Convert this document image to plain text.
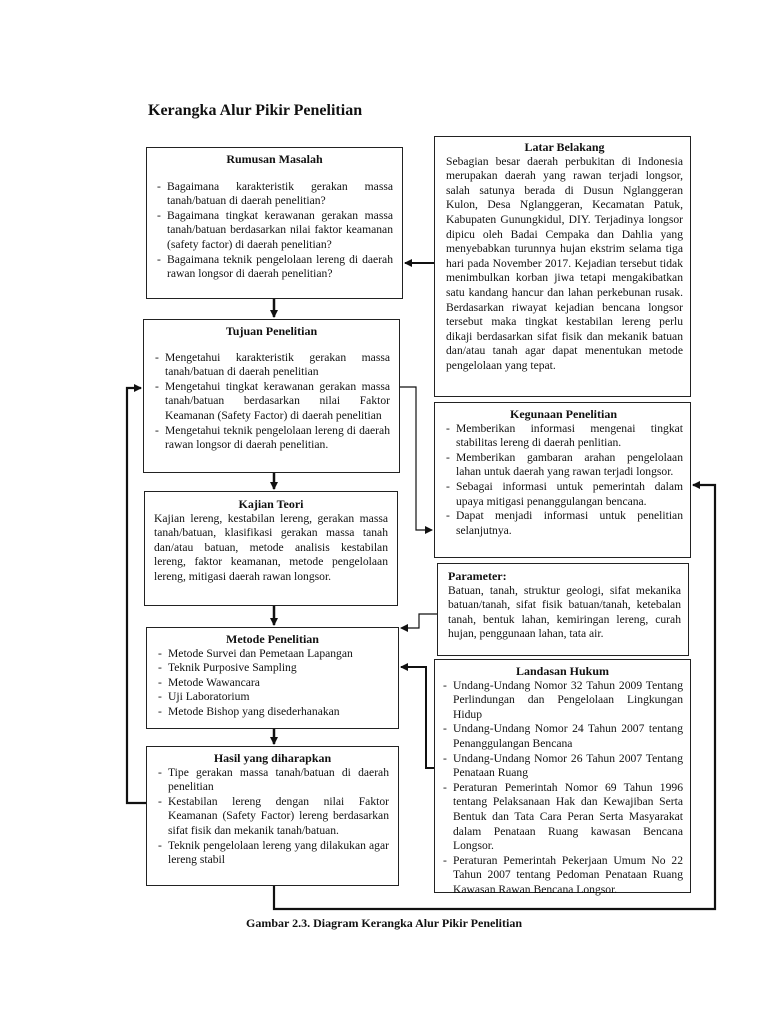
Kerangka Alur Pikir Penelitian
Rumusan Masalah
- Bagaimana karakteristik gerakan massa tanah/batuan di daerah penelitian?
- Bagaimana tingkat kerawanan gerakan massa tanah/batuan berdasarkan nilai faktor keamanan (safety factor) di daerah penelitian?
- Bagaimana teknik pengelolaan lereng di daerah rawan longsor di daerah penelitian?
Latar Belakang
Sebagian besar daerah perbukitan di Indonesia merupakan daerah yang rawan terjadi longsor, salah satunya berada di Dusun Nglanggeran Kulon, Desa Nglanggeran, Kecamatan Patuk, Kabupaten Gunungkidul, DIY. Terjadinya longsor dipicu oleh Badai Cempaka dan Dahlia yang menyebabkan turunnya hujan ekstrim selama tiga hari pada November 2017. Kejadian tersebut tidak menimbulkan korban jiwa tetapi mengakibatkan satu kandang hancur dan lahan perkebunan rusak. Berdasarkan riwayat kejadian bencana longsor tersebut maka tingkat kestabilan lereng perlu dikaji berdasarkan sifat fisik dan mekanik batuan dan/atau tanah agar dapat menentukan metode pengelolaan yang tepat.
Tujuan Penelitian
- Mengetahui karakteristik gerakan massa tanah/batuan di daerah penelitian
- Mengetahui tingkat kerawanan gerakan massa tanah/batuan berdasarkan nilai Faktor Keamanan (Safety Factor) di daerah penelitian
- Mengetahui teknik pengelolaan lereng di daerah rawan longsor di daerah penelitian.
Kegunaan Penelitian
- Memberikan informasi mengenai tingkat stabilitas lereng di daerah penlitian.
- Memberikan gambaran arahan pengelolaan lahan untuk daerah yang rawan terjadi longsor.
- Sebagai informasi untuk pemerintah dalam upaya mitigasi penanggulangan bencana.
- Dapat menjadi informasi untuk penelitian selanjutnya.
Kajian Teori
Kajian lereng, kestabilan lereng, gerakan massa tanah/batuan, klasifikasi gerakan massa tanah dan/atau batuan, metode analisis kestabilan lereng, faktor keamanan, metode pengelolaan lereng, mitigasi daerah rawan longsor.	Parameter:
Batuan, tanah, struktur geologi, sifat mekanika batuan/tanah, sifat fisik batuan/tanah, ketebalan tanah, bentuk lahan, kemiringan lereng, curah hujan, penggunaan lahan, tata air.
Metode Penelitian
- Metode Survei dan Pemetaan Lapangan
- Teknik Purposive Sampling
- Metode Wawancara
- Uji Laboratorium
- Metode Bishop yang disederhanakan
Landasan Hukum
- Undang-Undang Nomor 32 Tahun 2009 Tentang Perlindungan dan Pengelolaan Lingkungan Hidup
- Undang-Undang Nomor 24 Tahun 2007 tentang Penanggulangan Bencana
- Undang-Undang Nomor 26 Tahun 2007 Tentang Penataan Ruang
- Peraturan Pemerintah Nomor 69 Tahun 1996 tentang Pelaksanaan Hak dan Kewajiban Serta Bentuk dan Tata Cara Peran Serta Masyarakat dalam Penataan Ruang kawasan Bencana Longsor.
- Peraturan Pemerintah Pekerjaan Umum No 22 Tahun 2007 tentang Pedoman Penataan Ruang Kawasan Rawan Bencana Longsor.
Hasil yang diharapkan
- Tipe gerakan massa tanah/batuan di daerah penelitian
- Kestabilan lereng dengan nilai Faktor Keamanan (Safety Factor) lereng berdasarkan sifat fisik dan mekanik tanah/batuan.
- Teknik pengelolaan lereng yang dilakukan agar lereng stabil
Gambar 2.3. Diagram Kerangka Alur Pikir Penelitian
